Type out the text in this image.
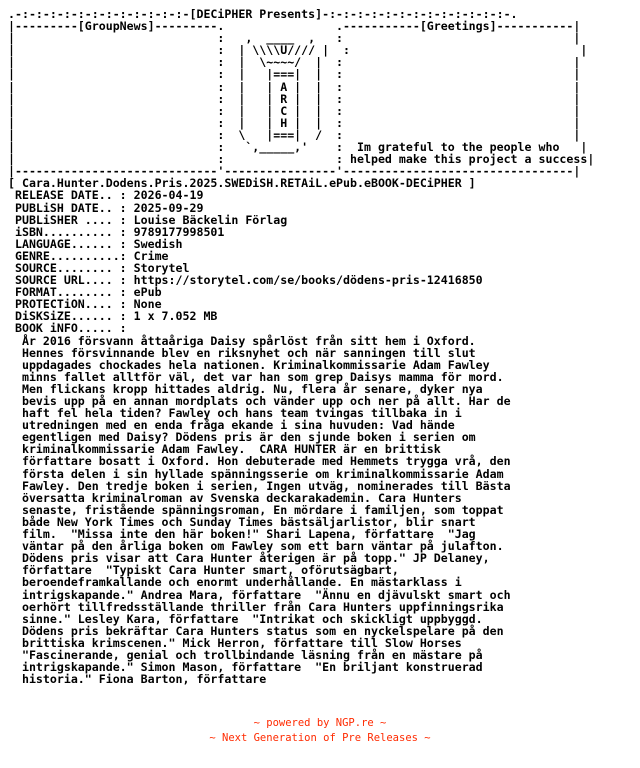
.-:-:-:-:-:-:-:-:-:-:-:-:-[DECiPHER Presents]-:-:-:-:-:-:-:-:-:-:-:-:-:-.
|---------[GroupNews]---------.                .-----------[Greetings]-----------|
|                             :   ,  ____  ,   :                                 |
|                             :  | \\\\U//// |  :                                 |
|                             :  |  \~~~~/  |  :                                 |
|                             :  |   |===|  |  :                                 |
|                             :  |   | A |  |  :                                 |
|                             :  |   | R |  |  :                                 |
|                             :  |   | C |  |  :                                 |
|                             :  |   | H |  |  :                                 |
|                             :  \   |===|  /  :                                 |
|                             :   `,_____,'    :  Im grateful to the people who   |
|                             :                : helped make this project a success|
|-----------------------------'----------------'---------------------------------|
[ Cara.Hunter.Dodens.Pris.2025.SWEDiSH.RETAiL.ePub.eBOOK-DECiPHER ]
RELEASE DATE.. : 2026-04-19
PUBLiSH DATE.. : 2025-09-29
PUBLiSHER .... : Louise Bäckelin Förlag
iSBN.......... : 9789177998501
LANGUAGE...... : Swedish
GENRE..........: Crime
SOURCE........ : Storytel
SOURCE URL.... : https://storytel.com/se/books/dödens-pris-12416850
FORMAT........ : ePub
PROTECTiON.... : None
DiSKSiZE...... : 1 x 7.052 MB
BOOK iNFO..... :
År 2016 försvann åttaåriga Daisy spårlöst från sitt hem i Oxford.
Hennes försvinnande blev en riksnyhet och när sanningen till slut
uppdagades chockades hela nationen. Kriminalkommissarie Adam Fawley
minns fallet alltför väl, det var han som grep Daisys mamma för mord.
Men flickans kropp hittades aldrig. Nu, flera år senare, dyker nya
bevis upp på en annan mordplats och vänder upp och ner på allt. Har de
haft fel hela tiden? Fawley och hans team tvingas tillbaka in i
utredningen med en enda fråga ekande i sina huvuden: Vad hände
egentligen med Daisy? Dödens pris är den sjunde boken i serien om
kriminalkommissarie Adam Fawley.  CARA HUNTER är en brittisk
författare bosatt i Oxford. Hon debuterade med Hemmets trygga vrå, den
första delen i sin hyllade spänningsserie om kriminalkommissarie Adam
Fawley. Den tredje boken i serien, Ingen utväg, nominerades till Bästa
översatta kriminalroman av Svenska deckarakademin. Cara Hunters
senaste, fristående spänningsroman, En mördare i familjen, som toppat
både New York Times och Sunday Times bästsäljarlistor, blir snart
film.  "Missa inte den här boken!" Shari Lapena, författare  "Jag
väntar på den årliga boken om Fawley som ett barn väntar på julafton.
Dödens pris visar att Cara Hunter återigen är på topp." JP Delaney,
författare  "Typiskt Cara Hunter smart, oförutsägbart,
beroendeframkallande och enormt underhållande. En mästarklass i
intrigskapande." Andrea Mara, författare  "Ännu en djävulskt smart och
oerhört tillfredsställande thriller från Cara Hunters uppfinningsrika
sinne." Lesley Kara, författare  "Intrikat och skickligt uppbyggd.
Dödens pris bekräftar Cara Hunters status som en nyckelspelare på den
brittiska krimscenen." Mick Herron, författare till Slow Horses
"Fascinerande, genial och trollbindande läsning från en mästare på
intrigskapande." Simon Mason, författare  "En briljant konstruerad
historia." Fiona Barton, författare
~ powered by NGP.re ~
~ Next Generation of Pre Releases ~
